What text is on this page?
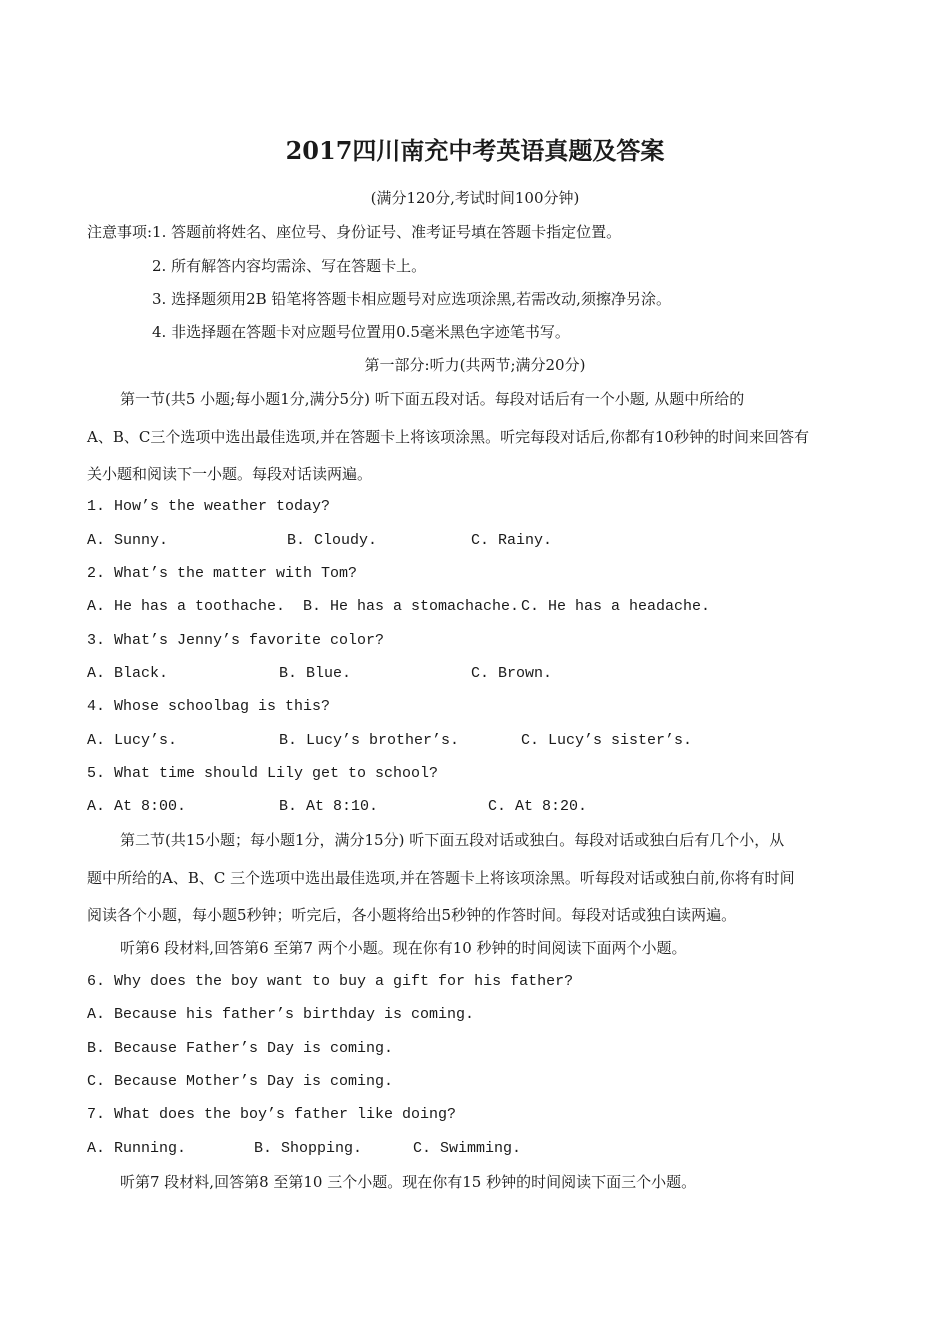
2017四川南充中考英语真题及答案
(满分120分,考试时间100分钟)
注意事项:1. 答题前将姓名、座位号、身份证号、准考证号填在答题卡指定位置。
2. 所有解答内容均需涂、写在答题卡上。
3. 选择题须用2B 铅笔将答题卡相应题号对应选项涂黑,若需改动,须擦净另涂。
4. 非选择题在答题卡对应题号位置用0.5毫米黑色字迹笔书写。
第一部分:听力(共两节;满分20分)
第一节(共5 小题;每小题1分,满分5分) 听下面五段对话。每段对话后有一个小题, 从题中所给的
A、B、C三个选项中选出最佳选项,并在答题卡上将该项涂黑。听完每段对话后,你都有10秒钟的时间来回答有
关小题和阅读下一小题。每段对话读两遍。
1. How’s the weather today?
A. Sunny.	B. Cloudy.	C. Rainy.
2. What’s the matter with Tom?
A. He has a toothache. B. He has a stomachache. C. He has a headache.
3. What’s Jenny’s favorite color?
A. Black.	B. Blue.	C. Brown.
4. Whose schoolbag is this?
A. Lucy’s.	B. Lucy’s brother’s.	C. Lucy’s sister’s.
5. What time should Lily get to school?
A. At 8:00.	B. At 8:10.	C. At 8:20.
第二节(共15小题；每小题1分，满分15分) 听下面五段对话或独白。每段对话或独白后有几个小，从
题中所给的A、B、C 三个选项中选出最佳选项,并在答题卡上将该项涂黑。听每段对话或独白前,你将有时间
阅读各个小题，每小题5秒钟；听完后，各小题将给出5秒钟的作答时间。每段对话或独白读两遍。
听第6 段材料,回答第6 至第7 两个小题。现在你有10 秒钟的时间阅读下面两个小题。
6. Why does the boy want to buy a gift for his father?
A. Because his father’s birthday is coming.
B. Because Father’s Day is coming.
C. Because Mother’s Day is coming.
7. What does the boy’s father like doing?
A. Running.	B. Shopping.	C. Swimming.
听第7 段材料,回答第8 至第10 三个小题。现在你有15 秒钟的时间阅读下面三个小题。
